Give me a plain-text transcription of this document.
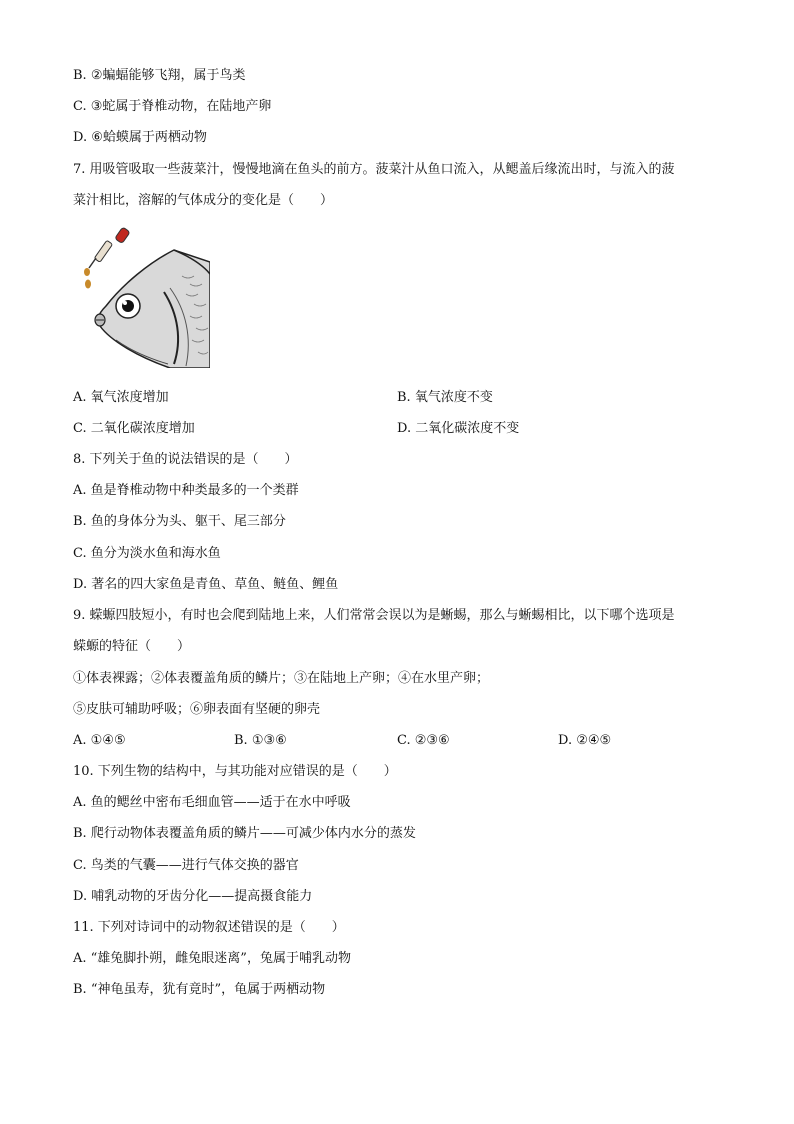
B. ②蝙蝠能够飞翔，属于鸟类
C. ③蛇属于脊椎动物，在陆地产卵
D. ⑥蛤蟆属于两栖动物
7. 用吸管吸取一些菠菜汁，慢慢地滴在鱼头的前方。菠菜汁从鱼口流入，从鳃盖后缘流出时，与流入的菠
菜汁相比，溶解的气体成分的变化是（　　）
A. 氧气浓度增加	B. 氧气浓度不变
C. 二氧化碳浓度增加	D. 二氧化碳浓度不变
8. 下列关于鱼的说法错误的是（　　）
A. 鱼是脊椎动物中种类最多的一个类群
B. 鱼的身体分为头、躯干、尾三部分
C. 鱼分为淡水鱼和海水鱼
D. 著名的四大家鱼是青鱼、草鱼、鲢鱼、鲤鱼
9. 蝾螈四肢短小，有时也会爬到陆地上来，人们常常会误以为是蜥蜴，那么与蜥蜴相比，以下哪个选项是
蝾螈的特征（　　）
①体表裸露；②体表覆盖角质的鳞片；③在陆地上产卵；④在水里产卵；
⑤皮肤可辅助呼吸；⑥卵表面有坚硬的卵壳
A. ①④⑤	B. ①③⑥	C. ②③⑥	D. ②④⑤
10. 下列生物的结构中，与其功能对应错误的是（　　）
A. 鱼的鳃丝中密布毛细血管——适于在水中呼吸
B. 爬行动物体表覆盖角质的鳞片——可减少体内水分的蒸发
C. 鸟类的气囊——进行气体交换的器官
D. 哺乳动物的牙齿分化——提高摄食能力
11. 下列对诗词中的动物叙述错误的是（　　）
A. “雄兔脚扑朔，雌兔眼迷离”，兔属于哺乳动物
B. “神龟虽寿，犹有竟时”，龟属于两栖动物
